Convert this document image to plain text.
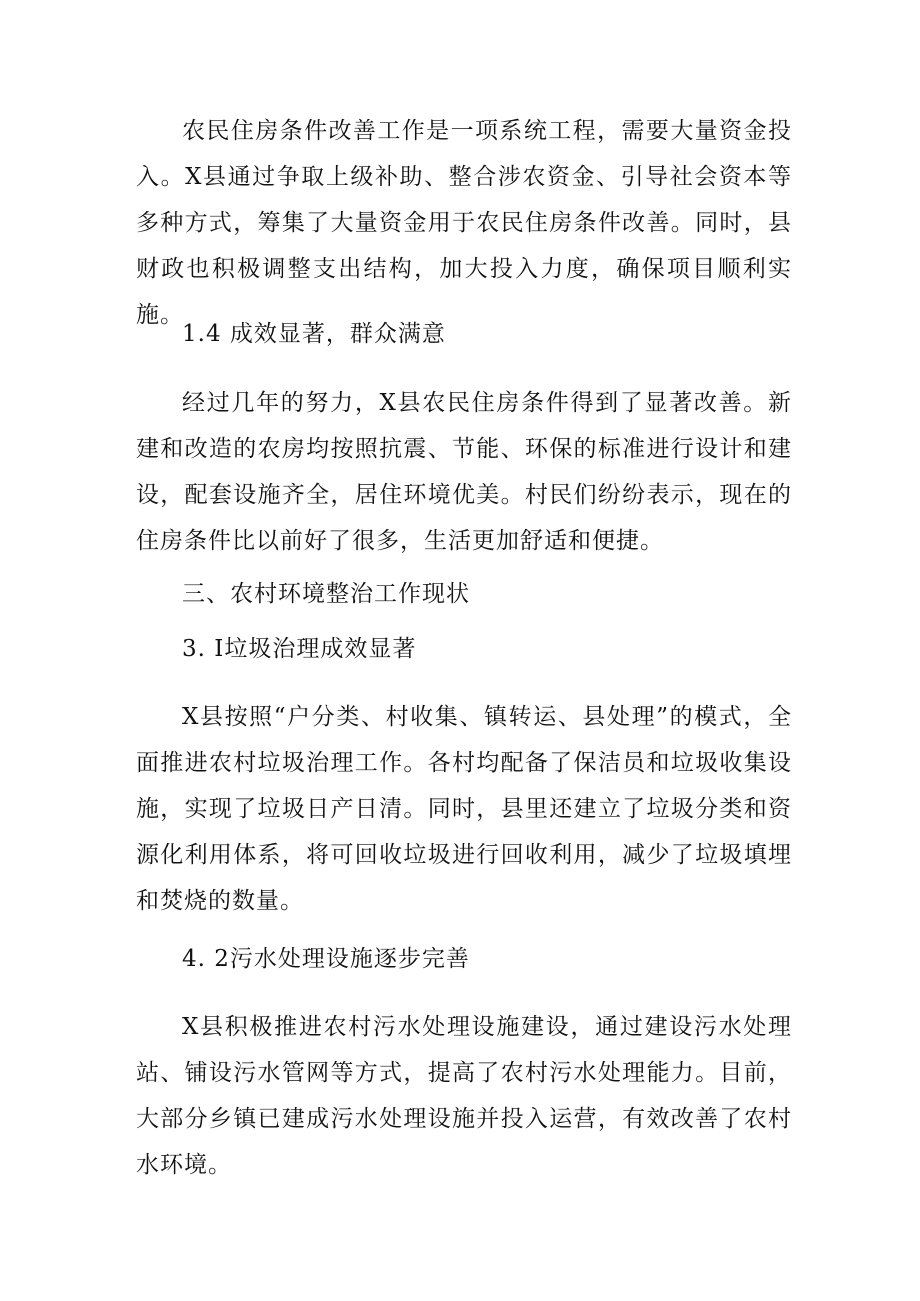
农民住房条件改善工作是一项系统工程，需要大量资金投入。X县通过争取上级补助、整合涉农资金、引导社会资本等多种方式，筹集了大量资金用于农民住房条件改善。同时，县财政也积极调整支出结构，加大投入力度，确保项目顺利实施。

1.4 成效显著，群众满意

经过几年的努力，X县农民住房条件得到了显著改善。新建和改造的农房均按照抗震、节能、环保的标准进行设计和建设，配套设施齐全，居住环境优美。村民们纷纷表示，现在的住房条件比以前好了很多，生活更加舒适和便捷。

三、农村环境整治工作现状

3. I垃圾治理成效显著

X县按照“户分类、村收集、镇转运、县处理”的模式，全面推进农村垃圾治理工作。各村均配备了保洁员和垃圾收集设施，实现了垃圾日产日清。同时，县里还建立了垃圾分类和资源化利用体系，将可回收垃圾进行回收利用，减少了垃圾填埋和焚烧的数量。

4. 2污水处理设施逐步完善

X县积极推进农村污水处理设施建设，通过建设污水处理站、铺设污水管网等方式，提高了农村污水处理能力。目前，大部分乡镇已建成污水处理设施并投入运营，有效改善了农村水环境。
